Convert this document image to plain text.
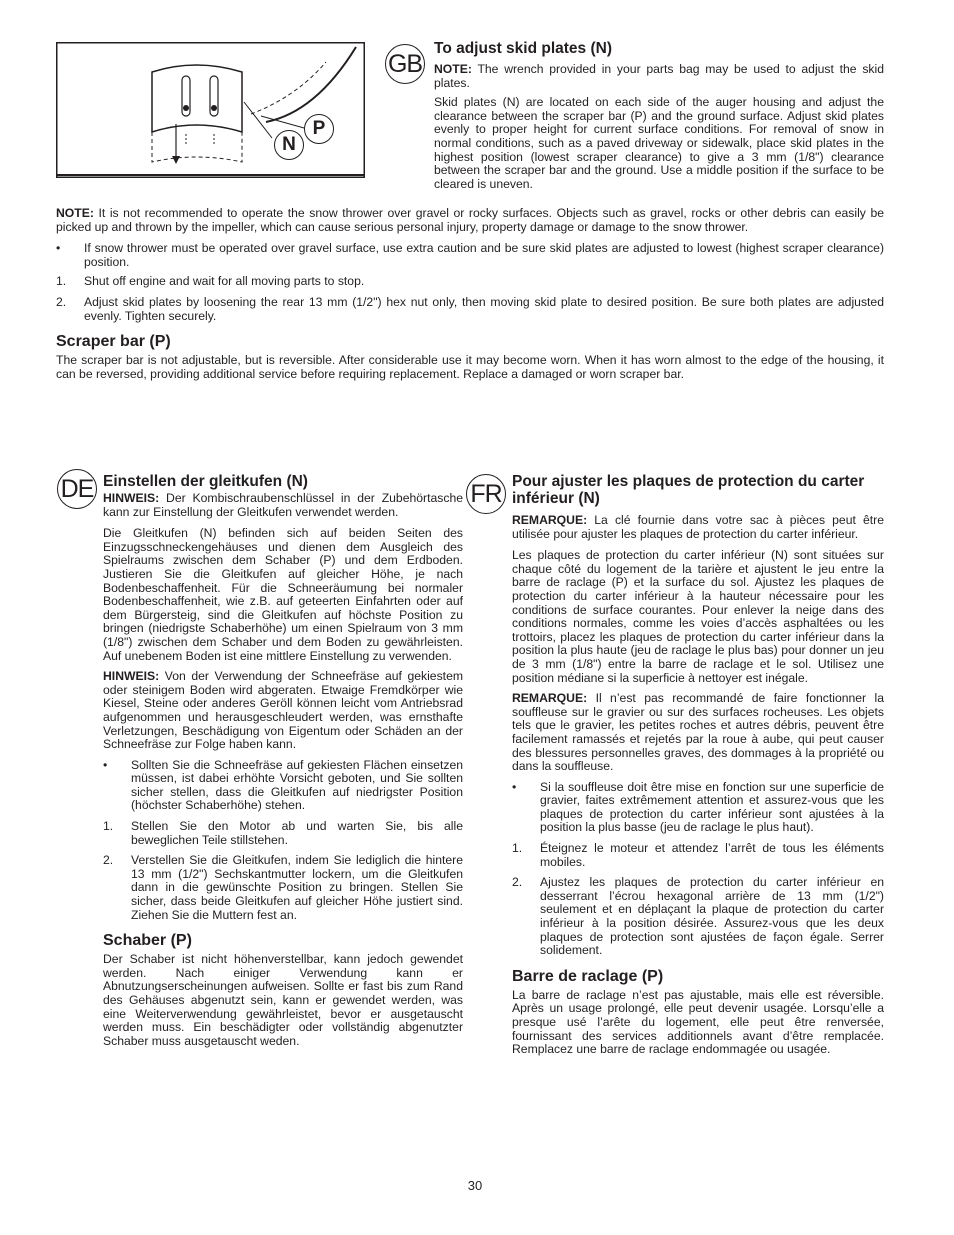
N
P
GB
To adjust skid plates (N)

NOTE: The wrench provided in your parts bag may be used to adjust the skid plates.

Skid plates (N) are located on each side of the auger housing and adjust the clearance between the scraper bar (P) and the ground surface. Adjust skid plates evenly to proper height for current surface conditions. For removal of snow in normal conditions, such as a paved driveway or sidewalk, place skid plates in the highest position (lowest scraper clearance) to give a 3 mm (1/8") clearance between the scraper bar and the ground. Use a middle position if the surface to be cleared is uneven.

NOTE: It is not recommended to operate the snow thrower over gravel or rocky surfaces. Objects such as gravel, rocks or other debris can easily be picked up and thrown by the impeller, which can cause serious personal injury, property damage or damage to the snow thrower.

• If snow thrower must be operated over gravel surface, use extra caution and be sure skid plates are adjusted to lowest (highest scraper clearance) position.

1. Shut off engine and wait for all moving parts to stop.

2. Adjust skid plates by loosening the rear 13 mm (1/2") hex nut only, then moving skid plate to desired position. Be sure both plates are adjusted evenly. Tighten securely.

Scraper bar (P)

The scraper bar is not adjustable, but is reversible. After considerable use it may become worn. When it has worn almost to the edge of the housing, it can be reversed, providing additional service before requiring replacement. Replace a damaged or worn scraper bar.

DE Einstellen der gleitkufen (N)

HINWEIS: Der Kombischraubenschlüssel in der Zubehörtasche kann zur Einstellung der Gleitkufen verwendet werden.

Die Gleitkufen (N) befinden sich auf beiden Seiten des Einzugsschneckengehäuses und dienen dem Ausgleich des Spielraums zwischen dem Schaber (P) und dem Erdboden. Justieren Sie die Gleitkufen auf gleicher Höhe, je nach Bodenbeschaffenheit. Für die Schneeräumung bei normaler Bodenbeschaffenheit, wie z.B. auf geteerten Einfahrten oder auf dem Bürgersteig, sind die Gleitkufen auf höchste Position zu bringen (niedrigste Schaberhöhe) um einen Spielraum von 3 mm (1/8") zwischen dem Schaber und dem Boden zu gewährleisten. Auf unebenem Boden ist eine mittlere Einstellung zu verwenden.

HINWEIS: Von der Verwendung der Schneefräse auf gekiestem oder steinigem Boden wird abgeraten. Etwaige Fremdkörper wie Kiesel, Steine oder anderes Geröll können leicht vom Antriebsrad aufgenommen und herausgeschleudert werden, was ernsthafte Verletzungen, Beschädigung von Eigentum oder Schäden an der Schneefräse zur Folge haben kann.

• Sollten Sie die Schneefräse auf gekiesten Flächen einsetzen müssen, ist dabei erhöhte Vorsicht geboten, und Sie sollten sicher stellen, dass die Gleitkufen auf niedrigster Position (höchster Schaberhöhe) stehen.

1. Stellen Sie den Motor ab und warten Sie, bis alle beweglichen Teile stillstehen.

2. Verstellen Sie die Gleitkufen, indem Sie lediglich die hintere 13 mm (1/2") Sechskantmutter lockern, um die Gleitkufen dann in die gewünschte Position zu bringen. Stellen Sie sicher, dass beide Gleitkufen auf gleicher Höhe justiert sind. Ziehen Sie die Muttern fest an.

Schaber (P)

Der Schaber ist nicht höhenverstellbar, kann jedoch gewendet werden. Nach einiger Verwendung kann er Abnutzungserscheinungen aufweisen. Sollte er fast bis zum Rand des Gehäuses abgenutzt sein, kann er gewendet werden, was eine Weiterverwendung gewährleistet, bevor er ausgetauscht werden muss. Ein beschädigter oder vollständig abgenutzter Schaber muss ausgetauscht weden.

FR Pour ajuster les plaques de protection du carter inférieur (N)

REMARQUE: La clé fournie dans votre sac à pièces peut être utilisée pour ajuster les plaques de protection du carter inférieur.

Les plaques de protection du carter inférieur (N) sont situées sur chaque côté du logement de la tarière et ajustent le jeu entre la barre de raclage (P) et la surface du sol. Ajustez les plaques de protection du carter inférieur à la hauteur nécessaire pour les conditions de surface courantes. Pour enlever la neige dans des conditions normales, comme les voies d’accès asphaltées ou les trottoirs, placez les plaques de protection du carter inférieur dans la position la plus haute (jeu de raclage le plus bas) pour donner un jeu de 3 mm (1/8") entre la barre de raclage et le sol. Utilisez une position médiane si la superficie à nettoyer est inégale.

REMARQUE: Il n’est pas recommandé de faire fonctionner la souffleuse sur le gravier ou sur des surfaces rocheuses. Les objets tels que le gravier, les petites roches et autres débris, peuvent être facilement ramassés et rejetés par la roue à aube, qui peut causer des blessures personnelles graves, des dommages à la propriété ou dans la souffleuse.

• Si la souffleuse doit être mise en fonction sur une superficie de gravier, faites extrêmement attention et assurez-vous que les plaques de protection du carter inférieur sont ajustées à la position la plus basse (jeu de raclage le plus haut).

1. Éteignez le moteur et attendez l’arrêt de tous les éléments mobiles.

2. Ajustez les plaques de protection du carter inférieur en desserrant l’écrou hexagonal arrière de 13 mm (1/2") seulement et en déplaçant la plaque de protection du carter inférieur à la position désirée. Assurez-vous que les deux plaques de protection sont ajustées de façon égale. Serrer solidement.

Barre de raclage (P)

La barre de raclage n’est pas ajustable, mais elle est réversible. Après un usage prolongé, elle peut devenir usagée. Lorsqu’elle a presque usé l’arête du logement, elle peut être renversée, fournissant des services additionnels avant d’être remplacée. Remplacez une barre de raclage endommagée ou usagée.

30
